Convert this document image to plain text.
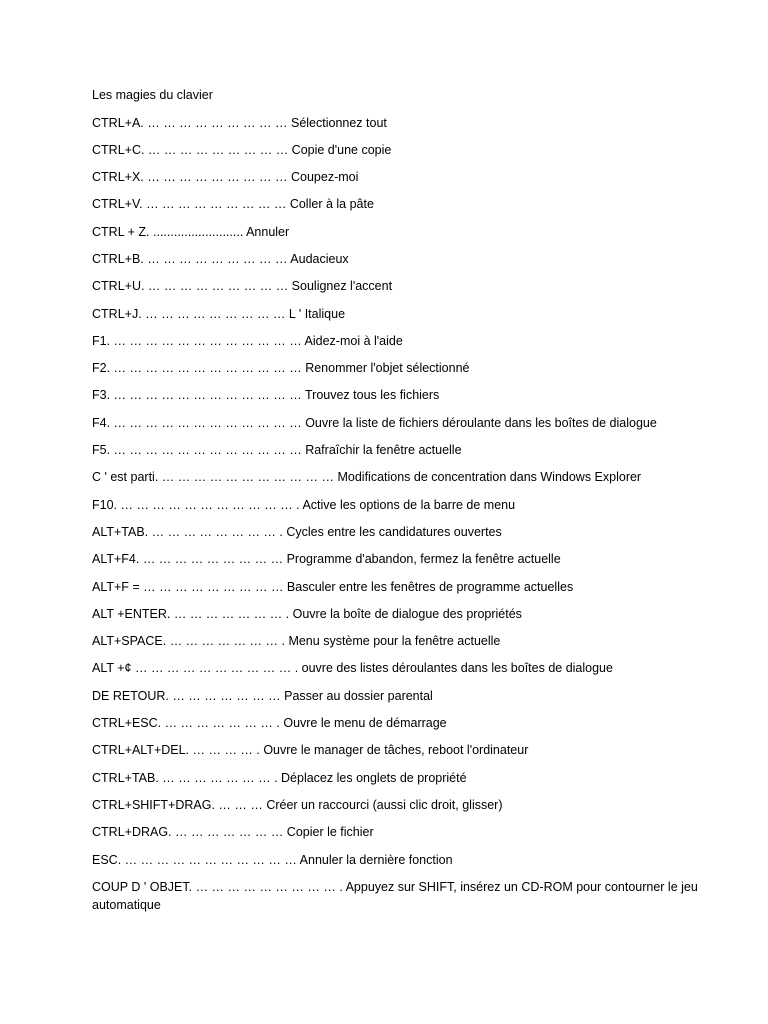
Les magies du clavier
CTRL+A. … … … … … … … … … Sélectionnez tout
CTRL+C. … … … … … … … … … Copie d'une copie
CTRL+X. … … … … … … … … … Coupez-moi
CTRL+V. … … … … … … … … … Coller à la pâte
CTRL + Z. .......................... Annuler
CTRL+B. … … … … … … … … … Audacieux
CTRL+U. … … … … … … … … … Soulignez l'accent
CTRL+J. … … … … … … … … … L ' Italique
F1. … … … … … … … … … … … … Aidez-moi à l'aide
F2. … … … … … … … … … … … … Renommer l'objet sélectionné
F3. … … … … … … … … … … … … Trouvez tous les fichiers
F4. … … … … … … … … … … … … Ouvre la liste de fichiers déroulante dans les boîtes de dialogue
F5. … … … … … … … … … … … … Rafraîchir la fenêtre actuelle
C ' est parti. … … … … … … … … … … … Modifications de concentration dans Windows Explorer
F10. … … … … … … … … … … … . Active les options de la barre de menu
ALT+TAB. … … … … … … … … . Cycles entre les candidatures ouvertes
ALT+F4. … … … … … … … … … Programme d'abandon, fermez la fenêtre actuelle
ALT+F = … … … … … … … … … Basculer entre les fenêtres de programme actuelles
ALT +ENTER. … … … … … … … . Ouvre la boîte de dialogue des propriétés
ALT+SPACE. … … … … … … … . Menu système pour la fenêtre actuelle
ALT +¢ … … … … … … … … … … . ouvre des listes déroulantes dans les boîtes de dialogue
DE RETOUR. … … … … … … … Passer au dossier parental
CTRL+ESC. … … … … … … … . Ouvre le menu de démarrage
CTRL+ALT+DEL. … … … … . Ouvre le manager de tâches, reboot l'ordinateur
CTRL+TAB. … … … … … … … . Déplacez les onglets de propriété
CTRL+SHIFT+DRAG. … … … Créer un raccourci (aussi clic droit, glisser)
CTRL+DRAG. … … … … … … … Copier le fichier
ESC. … … … … … … … … … … … Annuler la dernière fonction
COUP D ' OBJET. … … … … … … … … … . Appuyez sur SHIFT, insérez un CD-ROM pour contourner le jeu automatique
